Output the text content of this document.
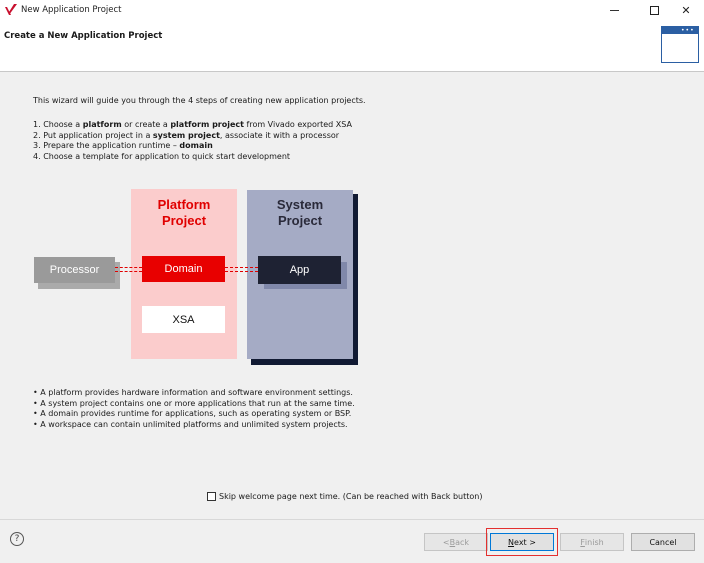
New Application Project	✕
Create a New Application Project
•••
This wizard will guide you through the 4 steps of creating new application projects.
1. Choose a platform or create a platform project from Vivado exported XSA
2. Put application project in a system project, associate it with a processor
3. Prepare the application runtime – domain
4. Choose a template for application to quick start development
Platform
Project
System
Project
Processor	Domain	App
XSA
• A platform provides hardware information and software environment settings.
• A system project contains one or more applications that run at the same time.
• A domain provides runtime for applications, such as operating system or BSP.
• A workspace can contain unlimited platforms and unlimited system projects.
Skip welcome page next time. (Can be reached with Back button)
?	< B ack	N ext >	F inish	Cancel
